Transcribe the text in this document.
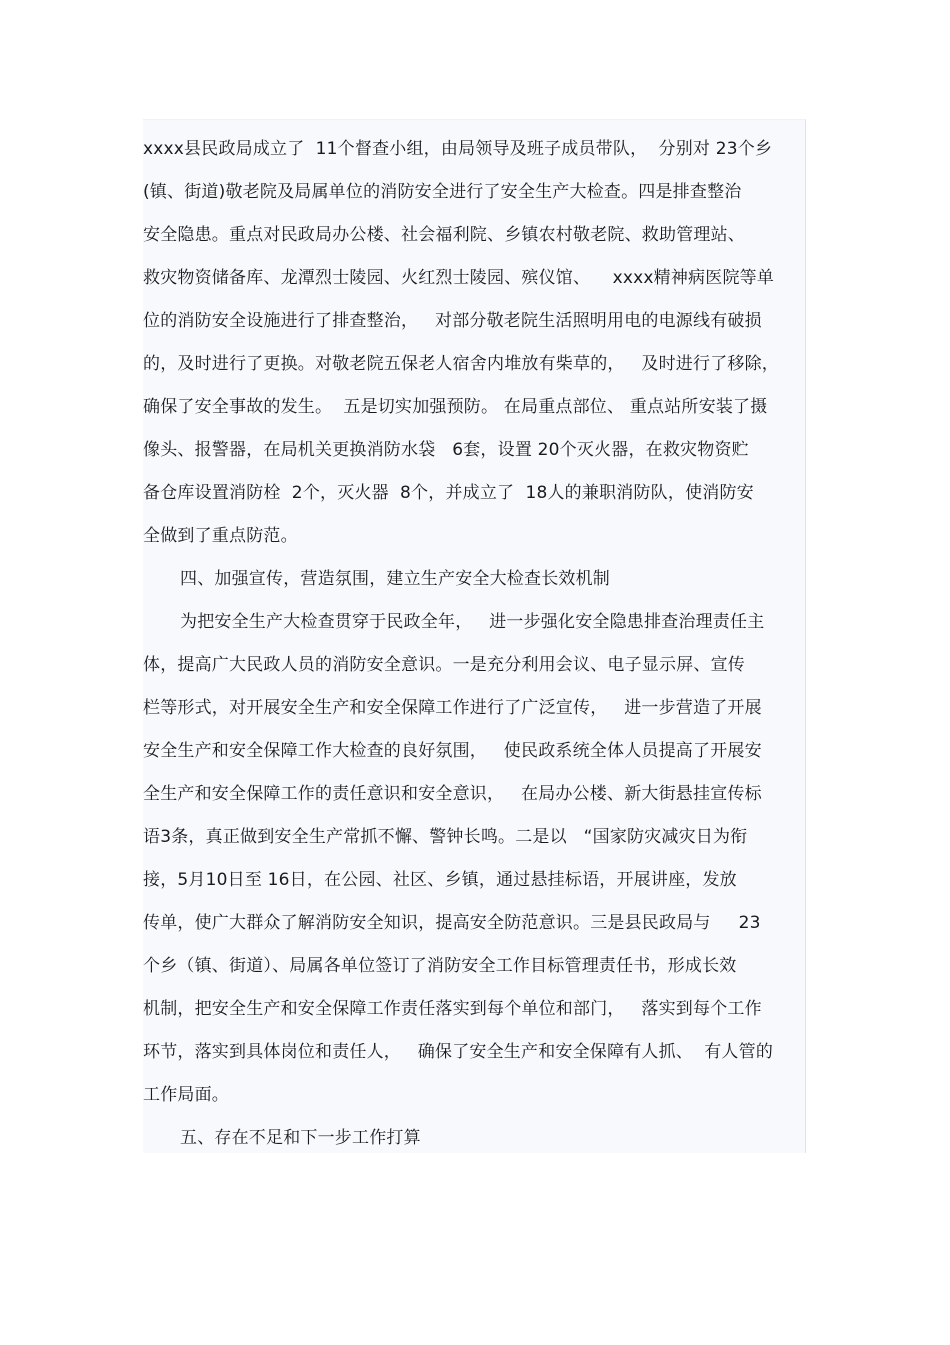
xxxx县民政局成立了  11个督查小组，由局领导及班子成员带队，  分别对 23个乡
(镇、街道)敬老院及局属单位的消防安全进行了安全生产大检查。四是排查整治
安全隐患。重点对民政局办公楼、社会福利院、乡镇农村敬老院、救助管理站、
救灾物资储备库、龙潭烈士陵园、火红烈士陵园、殡仪馆、    xxxx精神病医院等单
位的消防安全设施进行了排查整治，   对部分敬老院生活照明用电的电源线有破损
的，及时进行了更换。对敬老院五保老人宿舍内堆放有柴草的，   及时进行了移除，
确保了安全事故的发生。  五是切实加强预防。 在局重点部位、 重点站所安装了摄
像头、报警器，在局机关更换消防水袋   6套，设置 20个灭火器，在救灾物资贮
备仓库设置消防栓  2个，灭火器  8个，并成立了  18人的兼职消防队，使消防安
全做到了重点防范。
四、加强宣传，营造氛围，建立生产安全大检查长效机制
为把安全生产大检查贯穿于民政全年，   进一步强化安全隐患排查治理责任主
体，提高广大民政人员的消防安全意识。一是充分利用会议、电子显示屏、宣传
栏等形式，对开展安全生产和安全保障工作进行了广泛宣传，   进一步营造了开展
安全生产和安全保障工作大检查的良好氛围，   使民政系统全体人员提高了开展安
全生产和安全保障工作的责任意识和安全意识，   在局办公楼、新大街悬挂宣传标
语3条，真正做到安全生产常抓不懈、警钟长鸣。二是以   “国家防灾减灾日为衔
接，5月10日至 16日，在公园、社区、乡镇，通过悬挂标语，开展讲座，发放
传单，使广大群众了解消防安全知识，提高安全防范意识。三是县民政局与     23
个乡（镇、街道）、局属各单位签订了消防安全工作目标管理责任书，形成长效
机制，把安全生产和安全保障工作责任落实到每个单位和部门，   落实到每个工作
环节，落实到具体岗位和责任人，   确保了安全生产和安全保障有人抓、  有人管的
工作局面。
五、存在不足和下一步工作打算
